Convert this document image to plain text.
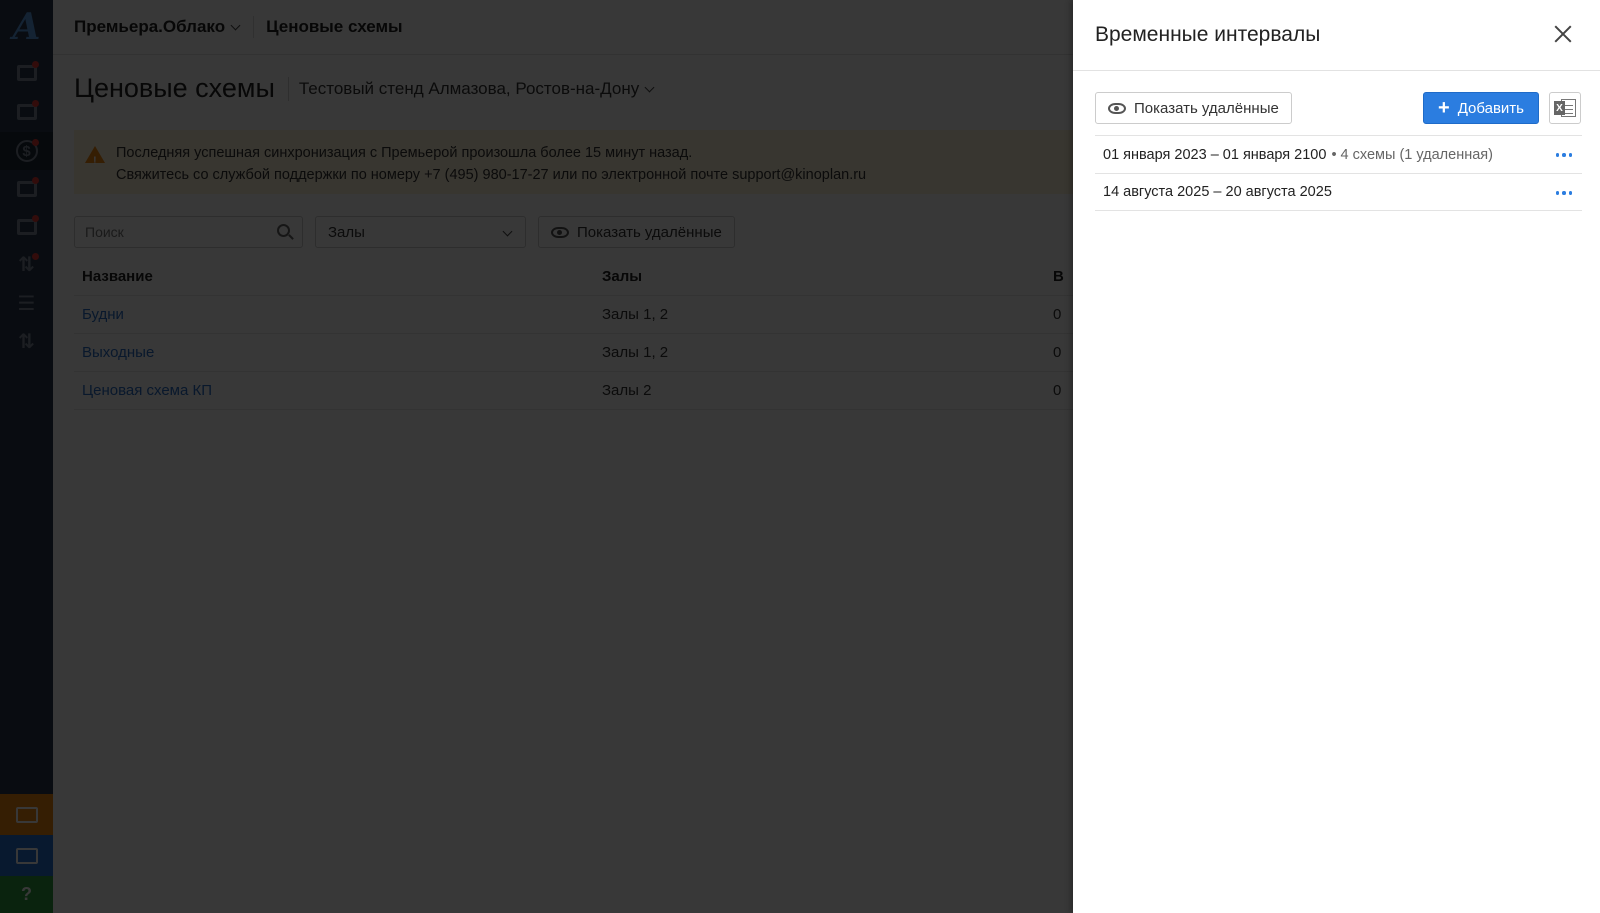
Поиск
Временные интервалы
Показать удалённые	+ Добавить	X
01 января 2023 – 01 января 2100 • 4 схемы (1 удаленная)
14 августа 2025 – 20 августа 2025
